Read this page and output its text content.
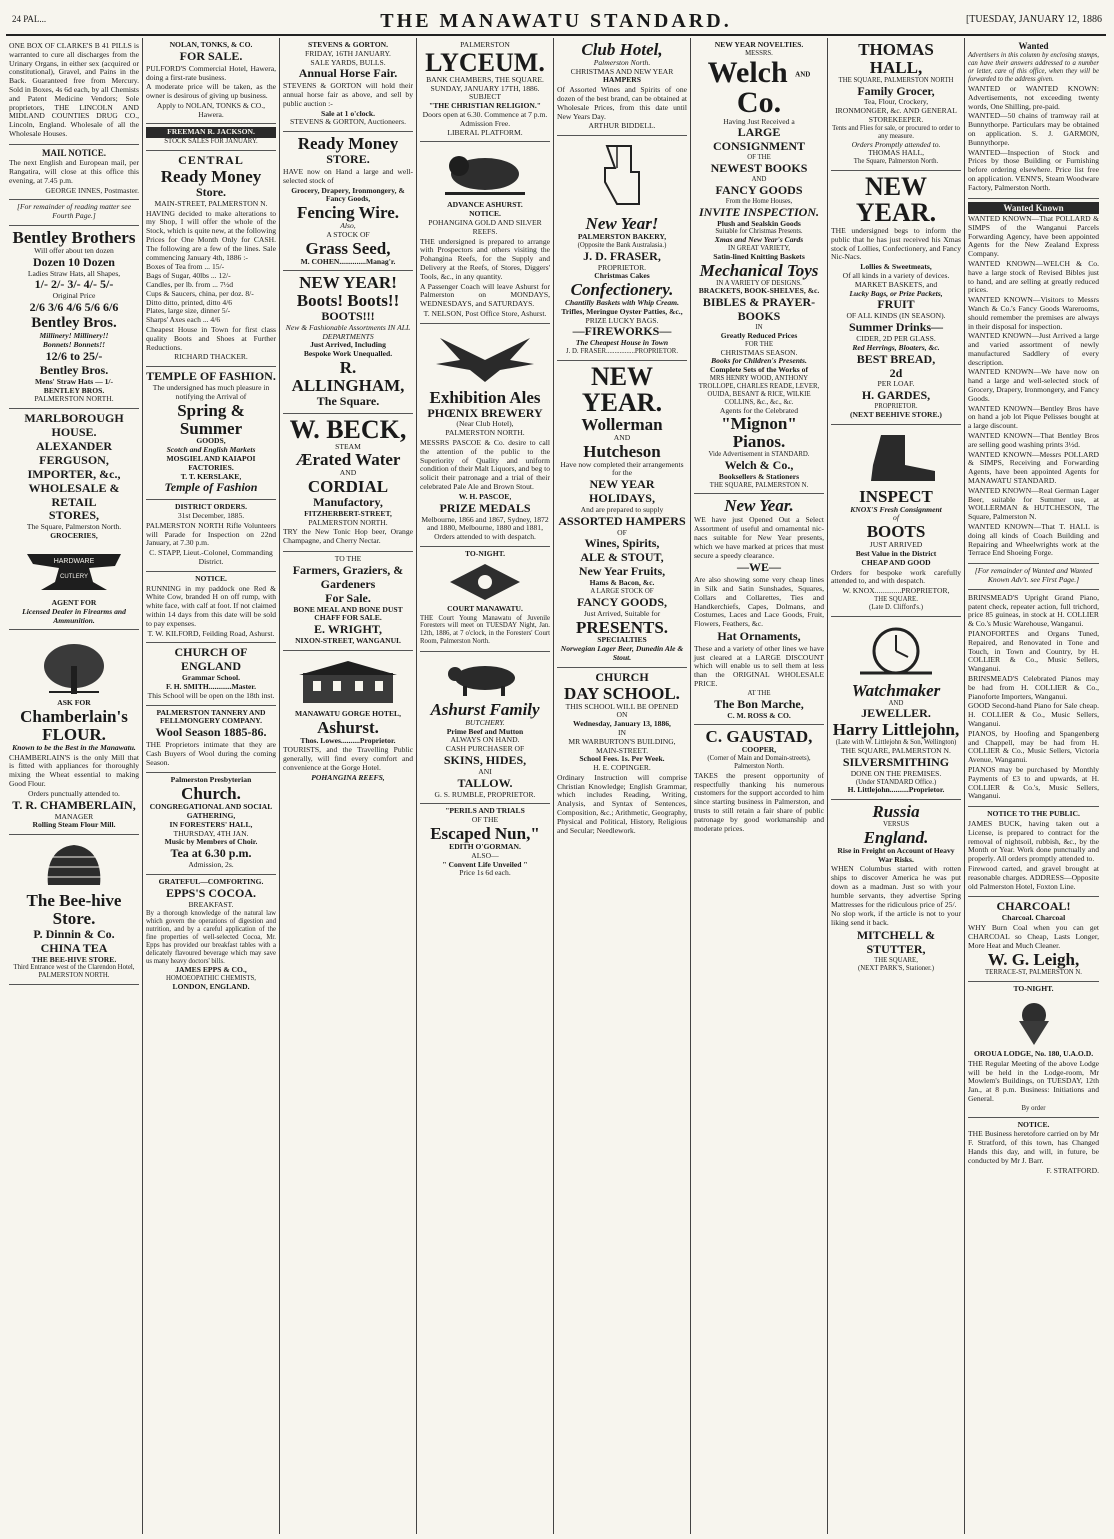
24 PAL...	THE MANAWATU STANDARD.	[TUESDAY, JANUARY 12, 1886

ONE BOX OF CLARKE'S B 41 PILLS is warranted to cure all discharges from the Urinary Organs, in either sex (acquired or constitutional), Gravel, and Pains in the Back. Guaranteed free from Mercury. Sold in Boxes, 4s 6d each, by all Chemists and Patent Medicine Vendors; Sole proprietors, THE LINCOLN AND MIDLAND COUNTIES DRUG CO., Lincoln, England. Wholesale of all the Wholesale Houses.

MAIL NOTICE.

The next English and European mail, per Rangatira, will close at this office this evening, at 7.45 p.m.

GEORGE INNES, Postmaster.
[For remainder of reading matter see Fourth Page.]
Bentley Brothers
Will offer about ten dozen
Dozen 10 Dozen
Ladies Straw Hats, all Shapes,
1/- 2/- 3/- 4/- 5/-
Original Price
2/6 3/6 4/6 5/6 6/6
Bentley Bros.
Millinery! Millinery!!
Bonnets! Bonnets!!
12/6 to 25/-
Bentley Bros.
Mens' Straw Hats — 1/-
BENTLEY BROS.
PALMERSTON NORTH.
MARLBOROUGH HOUSE.
ALEXANDER FERGUSON,
IMPORTER, &c.,
WHOLESALE & RETAIL
STORES,
The Square, Palmerston North.
GROCERIES,
HARDWARE
CUTLERY
AGENT FOR
Licensed Dealer in Firearms and Ammunition.
ASK FOR
Chamberlain's
FLOUR.
Known to be the Best in the Manawatu.

CHAMBERLAIN'S is the only Mill that is fitted with appliances for thoroughly mixing the Wheat essential to making Good Flour.

Orders punctually attended to.
T. R. CHAMBERLAIN,
MANAGER
Rolling Steam Flour Mill.
The Bee-hive Store.
P. Dinnin & Co.
CHINA TEA
THE BEE-HIVE STORE.
Third Entrance west of the Clarendon Hotel, PALMERSTON NORTH.
NOLAN, TONKS, & CO.
FOR SALE.

PULFORD'S Commercial Hotel, Hawera, doing a first-rate business.

A moderate price will be taken, as the owner is desirous of giving up business.

Apply to NOLAN, TONKS & CO., Hawera.
FREEMAN R. JACKSON.
STOCK SALES FOR JANUARY.
CENTRAL
Ready Money
Store.
MAIN-STREET, PALMERSTON N.

HAVING decided to make alterations to my Shop, I will offer the whole of the Stock, which is quite new, at the following Prices for One Month Only for CASH. The following are a few of the lines. Sale commencing January 4th, 1886 :-

Boxes of Tea from ... 15/-
Bags of Sugar, 40lbs ... 12/-
Candles, per lb. from ... 7½d
Cups & Saucers, china, per doz. 8/-
Ditto ditto, printed, ditto 4/6
Plates, large size, dinner 5/-
Sharps' Axes each ... 4/6

Cheapest House in Town for first class quality Boots and Shoes at Further Reductions.

RICHARD THACKER.
TEMPLE OF FASHION.
The undersigned has much pleasure in notifying the Arrival of
Spring & Summer
GOODS,
Scotch and English Markets
MOSGIEL AND KAIAPOI FACTORIES.
T. T. KERSLAKE,
Temple of Fashion
DISTRICT ORDERS.
31st December, 1885.

PALMERSTON NORTH Rifle Volunteers will Parade for Inspection on 22nd January, at 7.30 p.m.

C. STAPP, Lieut.-Colonel, Commanding District.
NOTICE.

RUNNING in my paddock one Red & White Cow, branded H on off rump, with white face, with calf at foot. If not claimed within 14 days from this date will be sold to pay expenses.

T. W. KILFORD, Feilding Road, Ashurst.
CHURCH OF ENGLAND
Grammar School.
F. H. SMITH............Master.
This School will be open on the 18th inst.
PALMERSTON TANNERY AND FELLMONGERY COMPANY.
Wool Season 1885-86.

THE Proprietors intimate that they are Cash Buyers of Wool during the coming Season.

Palmerston Presbyterian
Church.
CONGREGATIONAL AND SOCIAL GATHERING,
IN FORESTERS' HALL,
THURSDAY, 4TH JAN.
Music by Members of Choir.
Tea at 6.30 p.m.
Admission, 2s.
GRATEFUL—COMFORTING.
EPPS'S COCOA.
BREAKFAST.

By a thorough knowledge of the natural law which govern the operations of digestion and nutrition, and by a careful application of the fine properties of well-selected Cocoa, Mr. Epps has provided our breakfast tables with a delicately flavoured beverage which may save us many heavy doctors' bills.

JAMES EPPS & CO.,
HOMOEOPATHIC CHEMISTS,
LONDON, ENGLAND.
STEVENS & GORTON.
FRIDAY, 16TH JANUARY.
SALE YARDS, BULLS.
Annual Horse Fair.

STEVENS & GORTON will hold their annual horse fair as above, and sell by public auction :-

Sale at 1 o'clock.
STEVENS & GORTON, Auctioneers.
Ready Money
STORE.

HAVE now on Hand a large and well-selected stock of

Grocery, Drapery, Ironmongery, & Fancy Goods,
Fencing Wire.
Also,
A STOCK OF
Grass Seed,
M. COHEN..............Manag'r.
NEW YEAR!
Boots! Boots!!
BOOTS!!!
New & Fashionable Assortments IN ALL DEPARTMENTS
Just Arrived, Including
Bespoke Work Unequalled.
R. ALLINGHAM,
The Square.
W. BECK,
STEAM
Ærated Water
AND
CORDIAL
Manufactory,
FITZHERBERT-STREET,
PALMERSTON NORTH.

TRY the New Tonic Hop beer, Orange Champagne, and Cherry Nectar.

TO THE
Farmers, Graziers, & Gardeners
For Sale.
BONE MEAL AND BONE DUST
CHAFF FOR SALE.
E. WRIGHT,
NIXON-STREET, WANGANUI.
MANAWATU GORGE HOTEL,
Ashurst.
Thos. Lowes..........Proprietor.

TOURISTS, and the Travelling Public generally, will find every comfort and convenience at the Gorge Hotel.

POHANGINA REEFS,
PALMERSTON
LYCEUM.
BANK CHAMBERS, THE SQUARE.
SUNDAY, JANUARY 17TH, 1886.
SUBJECT
"THE CHRISTIAN RELIGION."
Doors open at 6.30. Commence at 7 p.m.
Admission Free.
LIBERAL PLATFORM.
ADVANCE ASHURST.
NOTICE.
POHANGINA GOLD AND SILVER REEFS.

THE undersigned is prepared to arrange with Prospectors and others visiting the Pohangina Reefs, for the Supply and Delivery at the Reefs, of Stores, Diggers' Tools, &c., in any quantity.

A Passenger Coach will leave Ashurst for Palmerston on MONDAYS, WEDNESDAYS, and SATURDAYS.

T. NELSON, Post Office Store, Ashurst.
Exhibition Ales
PHŒNIX BREWERY
(Near Club Hotel),
PALMERSTON NORTH.

MESSRS PASCOE & Co. desire to call the attention of the public to the Superiority of Quality and uniform condition of their Malt Liquors, and beg to solicit their patronage and a trial of their celebrated Pale Ale and Brown Stout.

W. H. PASCOE,
PRIZE MEDALS
Melbourne, 1866 and 1867, Sydney, 1872 and 1880, Melbourne, 1880 and 1881,
Orders attended to with despatch.
TO-NIGHT.
COURT MANAWATU.

THE Court Young Manawatu of Juvenile Foresters will meet on TUESDAY Night, Jan. 12th, 1886, at 7 o'clock, in the Foresters' Court Room, Palmerston North.

Ashurst Family
BUTCHERY.
Prime Beef and Mutton
ALWAYS ON HAND.
CASH PURCHASER OF
SKINS, HIDES,
ANI
TALLOW.
G. S. RUMBLE, PROPRIETOR.
"PERILS AND TRIALS
OF THE
Escaped Nun,"
EDITH O'GORMAN.
ALSO—
" Convent Life Unveiled "
Price 1s 6d each.
Club Hotel,
Palmerston North.
CHRISTMAS AND NEW YEAR
HAMPERS

Of Assorted Wines and Spirits of one dozen of the best brand, can be obtained at Wholesale Prices, from this date until New Years Day.

ARTHUR BIDDELL.
New Year!
PALMERSTON BAKERY,
(Opposite the Bank Australasia.)
J. D. FRASER,
PROPRIETOR.
Christmas Cakes
Confectionery.
Chantilly Baskets with Whip Cream.
Trifles, Meringue Oyster Patties, &c.,
PRIZE LUCKY BAGS.
—FIREWORKS—
The Cheapest House in Town
J. D. FRASER.................PROPRIETOR.
NEW YEAR.
Wollerman
AND
Hutcheson
Have now completed their arrangements for the
NEW YEAR HOLIDAYS,
And are prepared to supply
ASSORTED HAMPERS
OF
Wines, Spirits,
ALE & STOUT,
New Year Fruits,
Hams & Bacon, &c.
A LARGE STOCK OF
FANCY GOODS,
Just Arrived, Suitable for
PRESENTS.
SPECIALTIES
Norwegian Lager Beer, Dunedin Ale & Stout.
CHURCH
DAY SCHOOL.
THIS SCHOOL WILL BE OPENED
ON
Wednesday, January 13, 1886,
IN
MR WARBURTON'S BUILDING,
MAIN-STREET.
School Fees. 1s. Per Week.
H. E. COPINGER.

Ordinary Instruction will comprise Christian Knowledge; English Grammar, which includes Reading, Writing, Analysis, and Syntax of Sentences, Composition, &c.; Arithmetic, Geography, Physical and Political, History, Religious and Secular; Needlework.

NEW YEAR NOVELTIES.
MESSRS.
Welch AND Co.
Having Just Received a
LARGE CONSIGNMENT
OF THE
NEWEST BOOKS
AND
FANCY GOODS
From the Home Houses,
INVITE INSPECTION.
Plush and Sealskin Goods
Suitable for Christmas Presents.
Xmas and New Year's Cards
IN GREAT VARIETY,
Satin-lined Knitting Baskets
Mechanical Toys
IN A VARIETY OF DESIGNS.
BRACKETS, BOOK-SHELVES, &c.
BIBLES & PRAYER-BOOKS
IN
Greatly Reduced Prices
FOR THE
CHRISTMAS SEASON.
Books for Children's Presents.
Complete Sets of the Works of
MRS HENRY WOOD, ANTHONY TROLLOPE, CHARLES READE, LEVER, OUIDA, BESANT & RICE, WILKIE COLLINS, &c., &c., &c.
Agents for the Celebrated
"Mignon" Pianos.
Vide Advertisement in STANDARD.
Welch & Co.,
Booksellers & Stationers
THE SQUARE, PALMERSTON N.
New Year.

WE have just Opened Out a Select Assortment of useful and ornamental nic-nacs suitable for New Year presents, which we have marked at prices that must secure a speedy clearance.

—WE—

Are also showing some very cheap lines in Silk and Satin Sunshades, Squares, Collars and Collarettes, Ties and Handkerchiefs, Capes, Dolmans, and Costumes, Laces and Lace Goods, Fruit, Flowers, Feathers, &c.

Hat Ornaments,

These and a variety of other lines we have just cleared at a LARGE DISCOUNT which will enable us to sell them at less than the ORIGINAL WHOLESALE PRICE.

AT THE
The Bon Marche,
C. M. ROSS & CO.
C. GAUSTAD,
COOPER,
(Corner of Main and Domain-streets), Palmerston North.

TAKES the present opportunity of respectfully thanking his numerous customers for the support accorded to him since starting business in Palmerston, and trusts to still retain a fair share of public patronage by good workmanship and moderate prices.

THOMAS HALL,
THE SQUARE, PALMERSTON NORTH
Family Grocer,
Tea, Flour, Crockery,
IRONMONGER, &c. AND GENERAL STOREKEEPER.
Tents and Flies for sale, or procured to order to any measure.
Orders Promptly attended to.
THOMAS HALL,
The Square, Palmerston North.
NEW YEAR.

THE undersigned begs to inform the public that he has just received his Xmas stock of Lollies, Confectionery, and Fancy Nic-Nacs.

Lollies & Sweetmeats,
Of all kinds in a variety of devices.
MARKET BASKETS, and
Lucky Bags, or Prize Packets,
FRUIT
OF ALL KINDS (IN SEASON).
Summer Drinks—
CIDER, 2D PER GLASS.
Red Herrings, Bloaters, &c.
BEST BREAD,
2d
PER LOAF.
H. GARDES,
PROPRIETOR.
(NEXT BEEHIVE STORE.)
INSPECT
KNOX'S Fresh Consignment
of
BOOTS
JUST ARRIVED
Best Value in the District
CHEAP AND GOOD

Orders for bespoke work carefully attended to, and with despatch.

W. KNOX..............PROPRIETOR,
THE SQUARE.
(Late D. Clifford's.)
Watchmaker
AND
JEWELLER.
Harry Littlejohn,
(Late with W. Littlejohn & Son, Wellington)
THE SQUARE, PALMERSTON N.
SILVERSMITHING
DONE ON THE PREMISES.
(Under STANDARD Office.)
H. Littlejohn..........Proprietor.
Russia
VERSUS
England.
Rise in Freight on Account of Heavy War Risks.

WHEN Columbus started with rotten ships to discover America he was put down as a madman. Just so with your humble servants, they advertise Spring Mattresses for the ridiculous price of 25/.

No slop work, if the article is not to your liking send it back.

MITCHELL & STUTTER,
THE SQUARE,
(NEXT PARK'S, Stationer.)
Wanted

Advertisers in this column by enclosing stamps, can have their answers addressed to a number or letter, care of this office, when they will be forwarded to the address given.

WANTED or WANTED KNOWN: Advertisements, not exceeding twenty words, One Shilling, pre-paid.

WANTED—50 chains of tramway rail at Bunnythorpe. Particulars may be obtained on application. S. J. GARMON, Bunnythorpe.

WANTED—Inspection of Stock and Prices by those Building or Furnishing before ordering elsewhere. Price list free on application. VENN'S, Steam Woodware Factory, Palmerston North.

Wanted Known

WANTED KNOWN—That POLLARD & SIMPS of the Wanganui Parcels Forwarding Agency, have been appointed Agents for the New Zealand Express Company.

WANTED KNOWN—WELCH & Co. have a large stock of Revised Bibles just to hand, and are selling at greatly reduced prices.

WANTED KNOWN—Visitors to Messrs Wanch & Co.'s Fancy Goods Warerooms, should remember the premises are always in their disposal for inspection.

WANTED KNOWN—Just Arrived a large and varied assortment of newly manufactured Saddlery of every description.

WANTED KNOWN—We have now on hand a large and well-selected stock of Grocery, Drapery, Ironmongery, and Fancy Goods.

WANTED KNOWN—Bentley Bros have on hand a job lot Pique Pelisses bought at a large discount.

WANTED KNOWN—That Bentley Bros are selling good washing prints 3½d.

WANTED KNOWN—Messrs POLLARD & SIMPS, Receiving and Forwarding Agents, have been appointed Agents for MANAWATU STANDARD.

WANTED KNOWN—Real German Lager Beer, suitable for Summer use, at WOLLERMAN & HUTCHESON, The Square, Palmerston N.

WANTED KNOWN—That T. HALL is doing all kinds of Coach Building and Repairing and Wheelwrights work at the Terrace End Shoeing Forge.

[For remainder of Wanted and Wanted Known Adv't. see First Page.]

BRINSMEAD'S Upright Grand Piano, patent check, repeater action, full trichord, price 85 guineas, in stock at H. COLLIER & Co.'s Music Warehouse, Wanganui.

PIANOFORTES and Organs Tuned, Repaired, and Renovated in Tone and Touch, in Town and Country, by H. COLLIER & Co., Music Sellers, Wanganui.

BRINSMEAD'S Celebrated Pianos may be had from H. COLLIER & Co., Pianoforte Importers, Wanganui.

GOOD Second-hand Piano for Sale cheap. H. COLLIER & Co., Music Sellers, Wanganui.

PIANOS, by Hoofing and Spangenberg and Chappell, may be had from H. COLLIER & Co., Music Sellers, Victoria Avenue, Wanganui.

PIANOS may be purchased by Monthly Payments of £3 to and upwards, at H. COLLIER & Co.'s, Music Sellers, Wanganui.

NOTICE TO THE PUBLIC.

JAMES BUCK, having taken out a License, is prepared to contract for the removal of nightsoil, rubbish, &c., by the Month or Year. Work done punctually and properly. All orders promptly attended to.

Firewood carted, and gravel brought at reasonable charges. ADDRESS—Opposite old Palmerston Hotel, Foxton Line.

CHARCOAL!
Charcoal. Charcoal

WHY Burn Coal when you can get CHARCOAL so Cheap, Lasts Longer, More Heat and Much Cleaner.

W. G. Leigh,
TERRACE-ST, PALMERSTON N.
TO-NIGHT.
OROUA LODGE, No. 180, U.A.O.D.

THE Regular Meeting of the above Lodge will be held in the Lodge-room, Mr Mowlem's Buildings, on TUESDAY, 12th Jan., at 8 p.m. Business: Initiations and General.

By order
NOTICE.

THE Business heretofore carried on by Mr F. Stratford, of this town, has Changed Hands this day, and will, in future, be conducted by Mr J. Barr.

F. STRATFORD.
